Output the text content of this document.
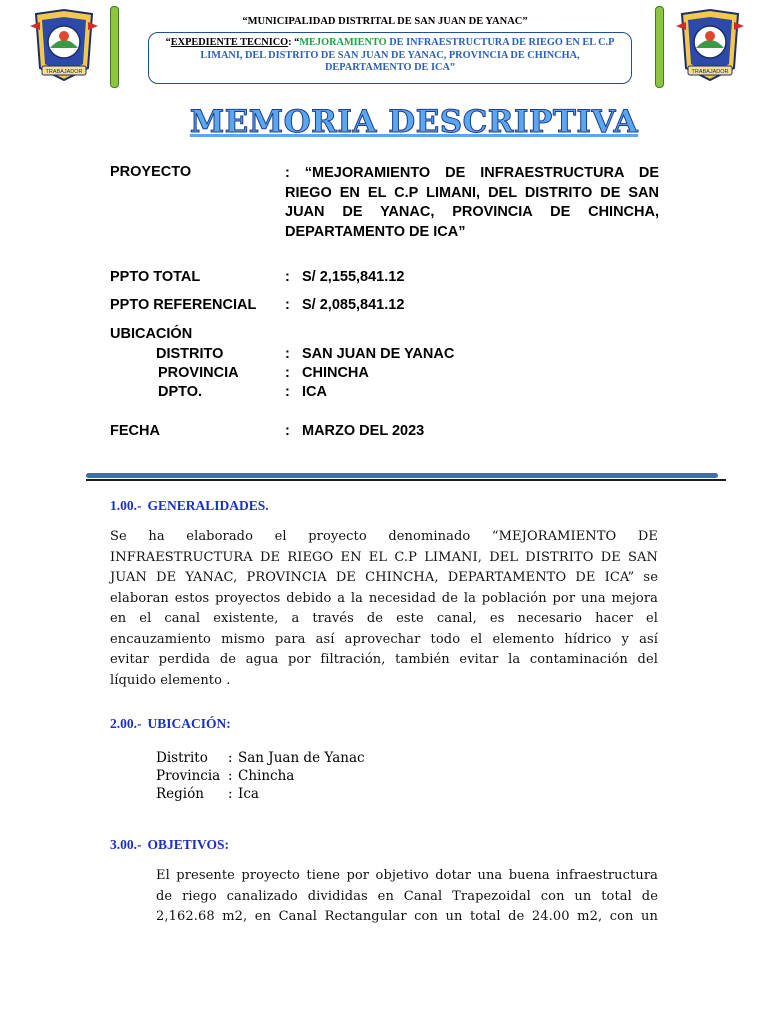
TRABAJADOR	TRABAJADOR
“MUNICIPALIDAD DISTRITAL DE SAN JUAN DE YANAC”
“EXPEDIENTE TECNICO: “MEJORAMIENTO DE INFRAESTRUCTURA DE RIEGO EN EL C.P LIMANI, DEL DISTRITO DE SAN JUAN DE YANAC, PROVINCIA DE CHINCHA, DEPARTAMENTO DE ICA”
MEMORIA DESCRIPTIVA
PROYECTO	: “MEJORAMIENTO DE INFRAESTRUCTURA DE RIEGO EN EL C.P LIMANI, DEL DISTRITO DE SAN JUAN DE YANAC, PROVINCIA DE CHINCHA, DEPARTAMENTO DE ICA”
PPTO TOTAL	: S/ 2,155,841.12
PPTO REFERENCIAL : S/ 2,085,841.12
UBICACIÓN
DISTRITO	: SAN JUAN DE YANAC
PROVINCIA	: CHINCHA
DPTO.	: ICA
FECHA	: MARZO DEL 2023
1.00.- GENERALIDADES.
Se ha elaborado el proyecto denominado “MEJORAMIENTO DE
INFRAESTRUCTURA DE RIEGO EN EL C.P LIMANI, DEL DISTRITO DE SAN
JUAN DE YANAC, PROVINCIA DE CHINCHA, DEPARTAMENTO DE ICA” se
elaboran estos proyectos debido a la necesidad de la población por una mejora
en el canal existente, a través de este canal, es necesario hacer el
encauzamiento mismo para así aprovechar todo el elemento hídrico y así
evitar perdida de agua por filtración, también evitar la contaminación del
líquido elemento .
2.00.- UBICACIÓN:
Distrito	: San Juan de Yanac
Provincia : Chincha
Región	: Ica
3.00.- OBJETIVOS:
El presente proyecto tiene por objetivo dotar una buena infraestructura
de riego canalizado divididas en Canal Trapezoidal con un total de
2,162.68 m2, en Canal Rectangular con un total de 24.00 m2, con un
